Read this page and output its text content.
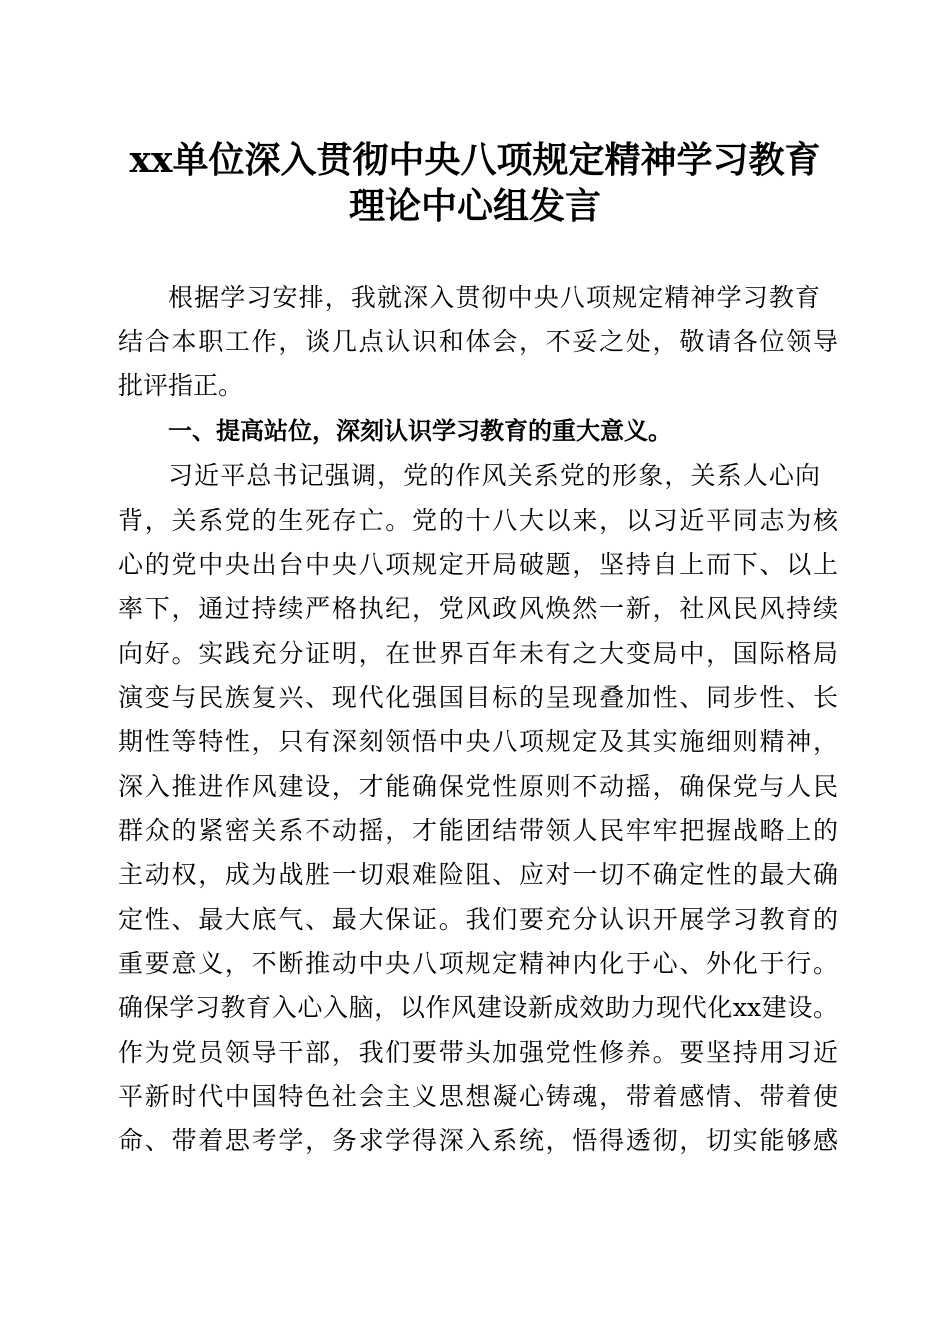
xx单位深入贯彻中央八项规定精神学习教育
理论中心组发言
根据学习安排，我就深入贯彻中央八项规定精神学习教育
结合本职工作，谈几点认识和体会，不妥之处，敬请各位领导
批评指正。
一、提高站位，深刻认识学习教育的重大意义。
习近平总书记强调，党的作风关系党的形象，关系人心向
背，关系党的生死存亡。党的十八大以来，以习近平同志为核
心的党中央出台中央八项规定开局破题，坚持自上而下、以上
率下，通过持续严格执纪，党风政风焕然一新，社风民风持续
向好。实践充分证明，在世界百年未有之大变局中，国际格局
演变与民族复兴、现代化强国目标的呈现叠加性、同步性、长
期性等特性，只有深刻领悟中央八项规定及其实施细则精神，
深入推进作风建设，才能确保党性原则不动摇，确保党与人民
群众的紧密关系不动摇，才能团结带领人民牢牢把握战略上的
主动权，成为战胜一切艰难险阻、应对一切不确定性的最大确
定性、最大底气、最大保证。我们要充分认识开展学习教育的
重要意义，不断推动中央八项规定精神内化于心、外化于行。
确保学习教育入心入脑，以作风建设新成效助力现代化xx建设。
作为党员领导干部，我们要带头加强党性修养。要坚持用习近
平新时代中国特色社会主义思想凝心铸魂，带着感情、带着使
命、带着思考学，务求学得深入系统，悟得透彻，切实能够感
